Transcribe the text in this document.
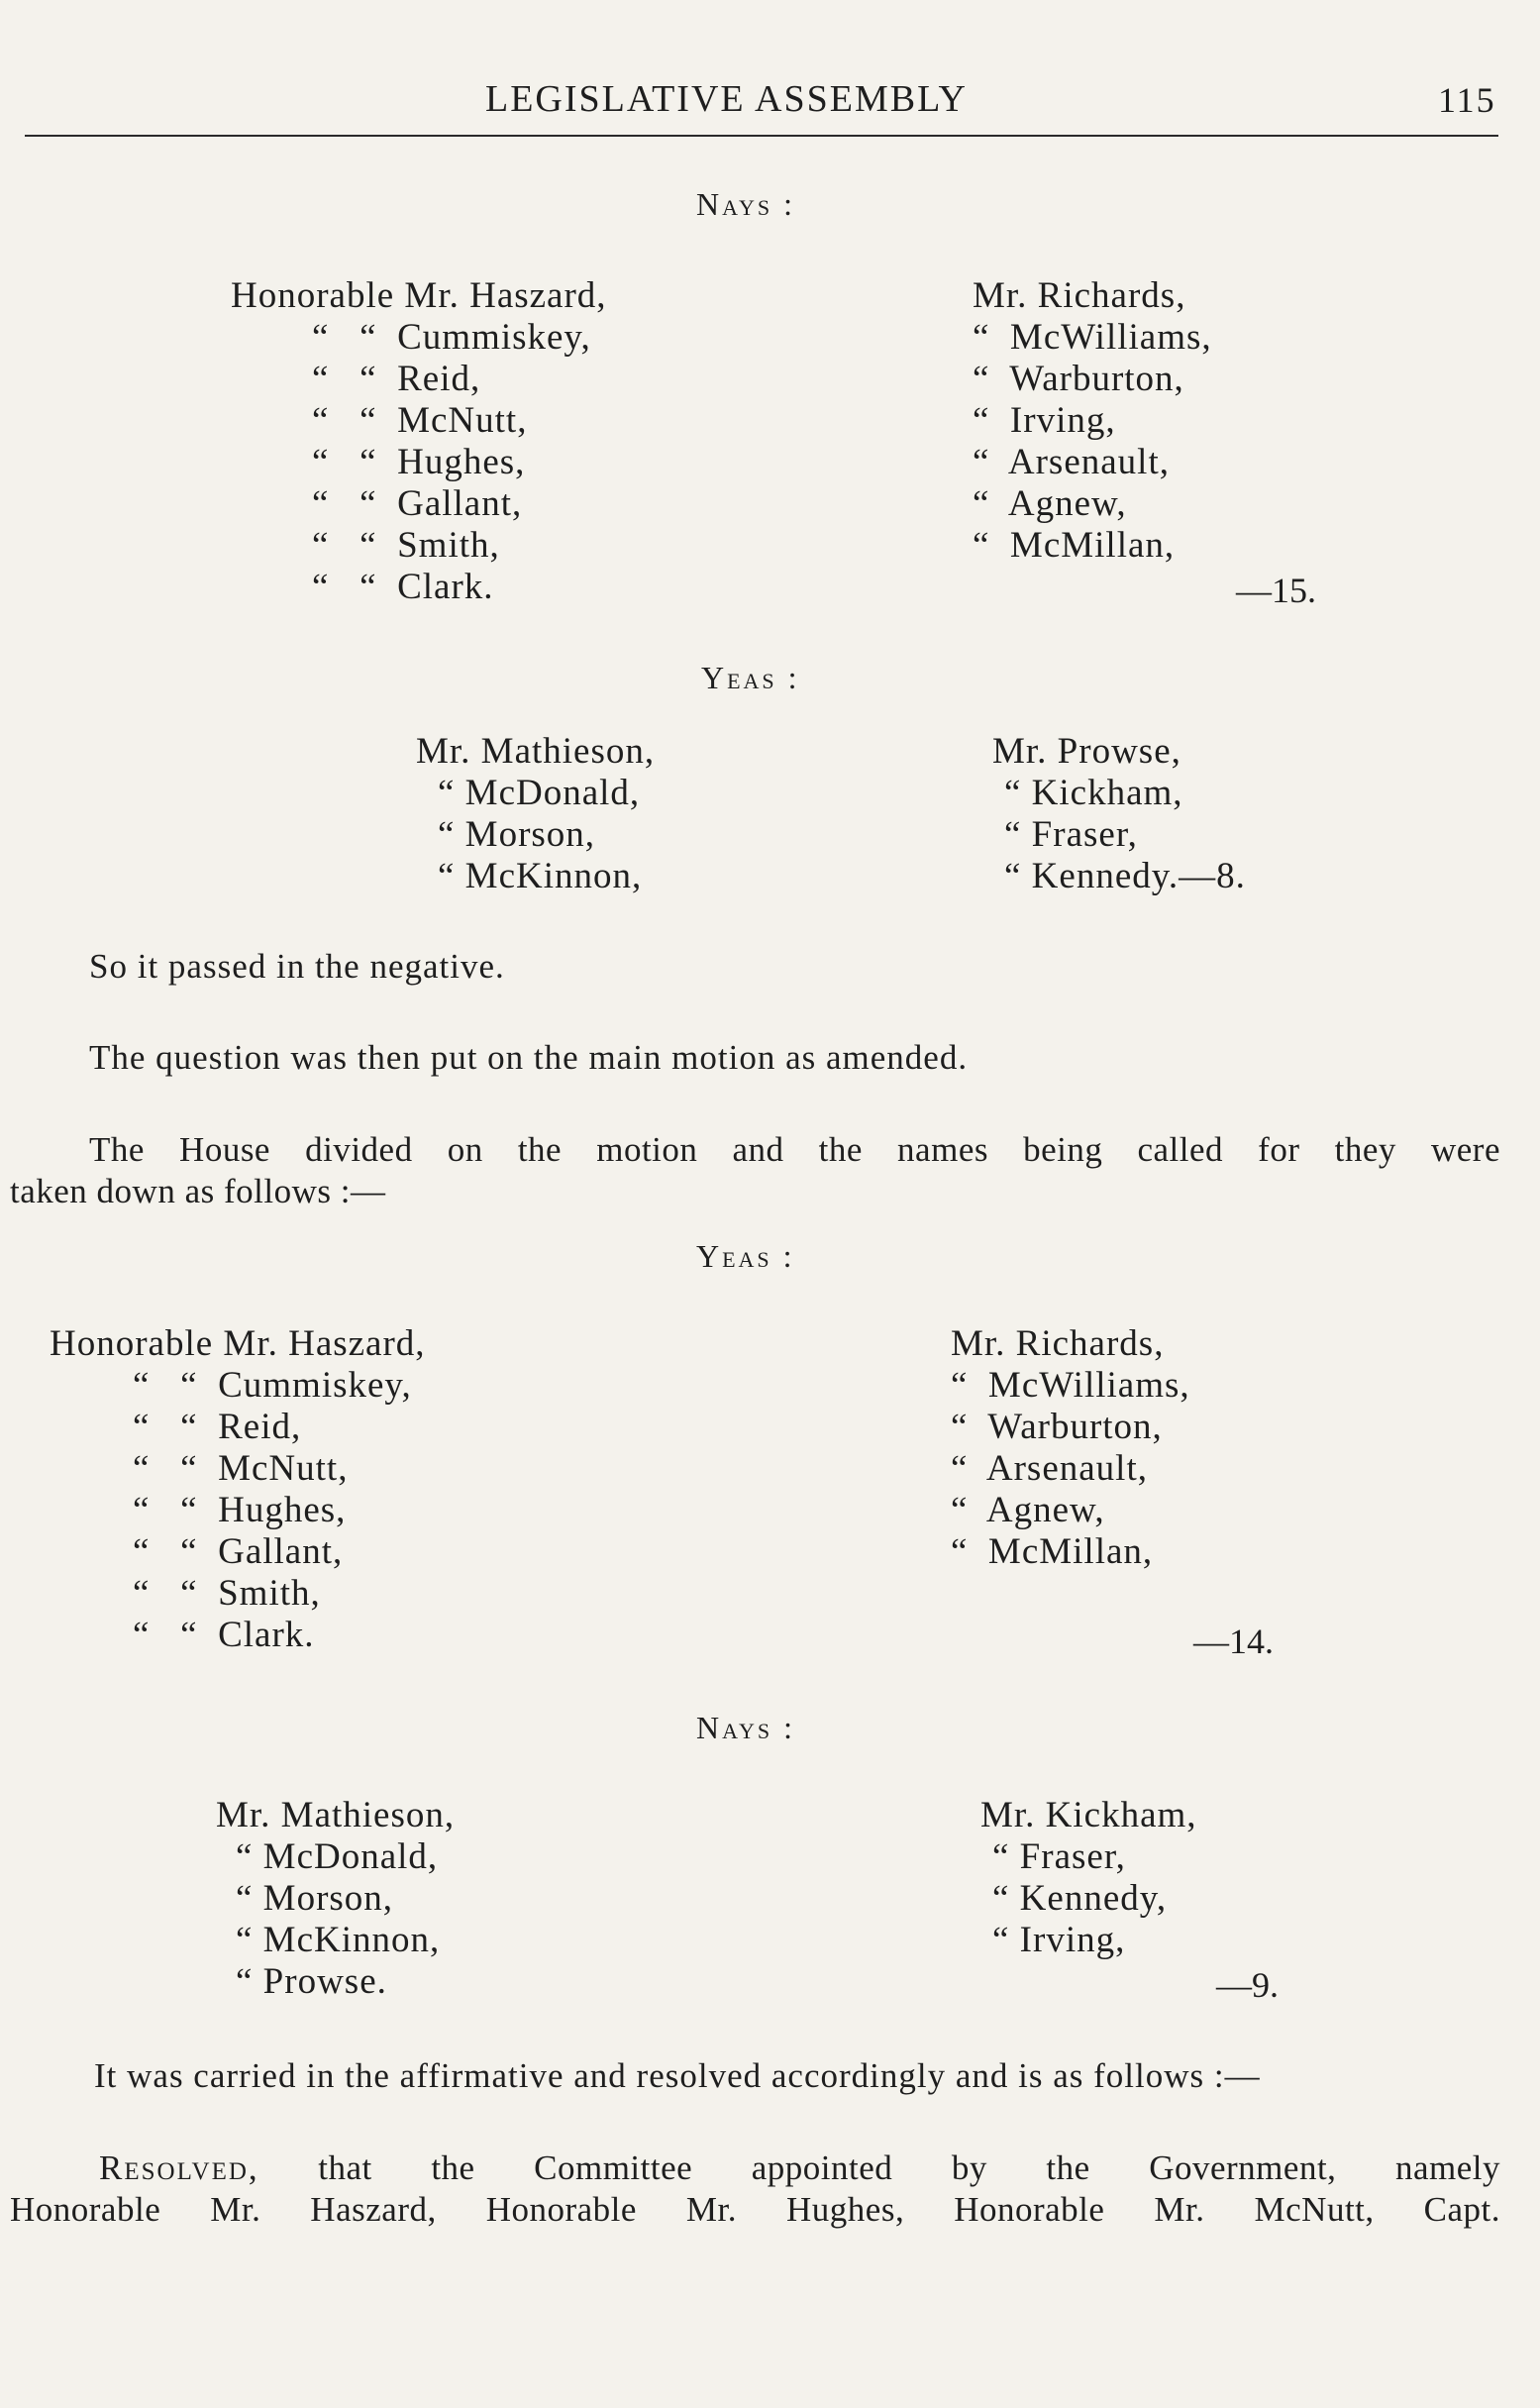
LEGISLATIVE ASSEMBLY	115
Nays :
Honorable Mr. Haszard,
“   “  Cummiskey,
“   “  Reid,
“   “  McNutt,
“   “  Hughes,
“   “  Gallant,
“   “  Smith,
“   “  Clark.
Mr. Richards,
“  McWilliams,
“  Warburton,
“  Irving,
“  Arsenault,
“  Agnew,
“  McMillan,
—15.
Yeas :
Mr. Mathieson,
“ McDonald,
“ Morson,
“ McKinnon,
Mr. Prowse,
“ Kickham,
“ Fraser,
“ Kennedy.—8.
So it passed in the negative.
The question was then put on the main motion as amended.
The House divided on the motion and the names being called for they were
taken down as follows :—
Yeas :
Honorable Mr. Haszard,
“   “  Cummiskey,
“   “  Reid,
“   “  McNutt,
“   “  Hughes,
“   “  Gallant,
“   “  Smith,
“   “  Clark.
Mr. Richards,
“  McWilliams,
“  Warburton,
“  Arsenault,
“  Agnew,
“  McMillan,
—14.
Nays :
Mr. Mathieson,
“ McDonald,
“ Morson,
“ McKinnon,
“ Prowse.
Mr. Kickham,
“ Fraser,
“ Kennedy,
“ Irving,
—9.
It was carried in the affirmative and resolved accordingly and is as follows :—
Resolved, that the Committee appointed by the Government, namely
Honorable Mr. Haszard, Honorable Mr. Hughes, Honorable Mr. McNutt, Capt.
